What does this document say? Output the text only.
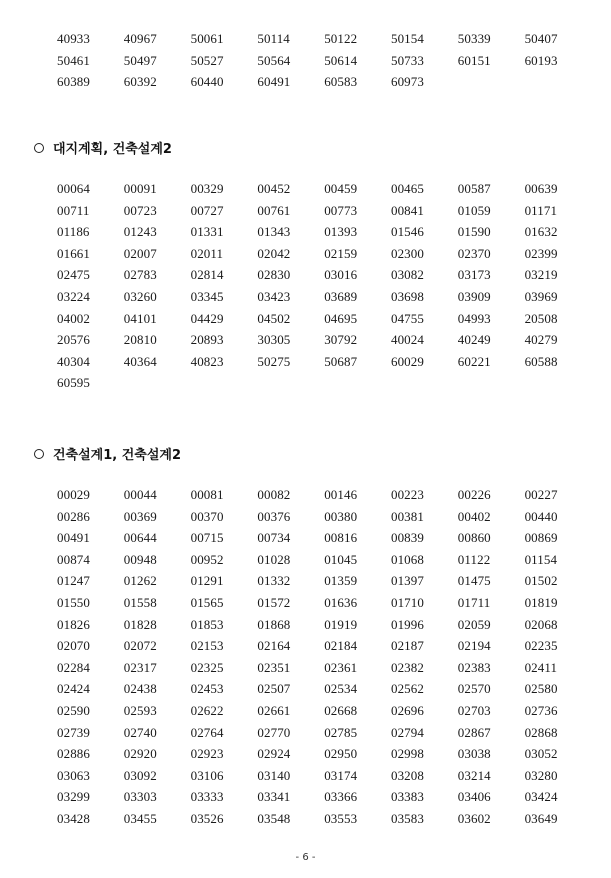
40933	40967	50061	50114	50122	50154	50339	50407
50461	50497	50527	50564	50614	50733	60151	60193
60389	60392	60440	60491	60583	60973
대지계획, 건축설계2
00064	00091	00329	00452	00459	00465	00587	00639
00711	00723	00727	00761	00773	00841	01059	01171
01186	01243	01331	01343	01393	01546	01590	01632
01661	02007	02011	02042	02159	02300	02370	02399
02475	02783	02814	02830	03016	03082	03173	03219
03224	03260	03345	03423	03689	03698	03909	03969
04002	04101	04429	04502	04695	04755	04993	20508
20576	20810	20893	30305	30792	40024	40249	40279
40304	40364	40823	50275	50687	60029	60221	60588
60595
건축설계1, 건축설계2
00029	00044	00081	00082	00146	00223	00226	00227
00286	00369	00370	00376	00380	00381	00402	00440
00491	00644	00715	00734	00816	00839	00860	00869
00874	00948	00952	01028	01045	01068	01122	01154
01247	01262	01291	01332	01359	01397	01475	01502
01550	01558	01565	01572	01636	01710	01711	01819
01826	01828	01853	01868	01919	01996	02059	02068
02070	02072	02153	02164	02184	02187	02194	02235
02284	02317	02325	02351	02361	02382	02383	02411
02424	02438	02453	02507	02534	02562	02570	02580
02590	02593	02622	02661	02668	02696	02703	02736
02739	02740	02764	02770	02785	02794	02867	02868
02886	02920	02923	02924	02950	02998	03038	03052
03063	03092	03106	03140	03174	03208	03214	03280
03299	03303	03333	03341	03366	03383	03406	03424
03428	03455	03526	03548	03553	03583	03602	03649
- 6 -
